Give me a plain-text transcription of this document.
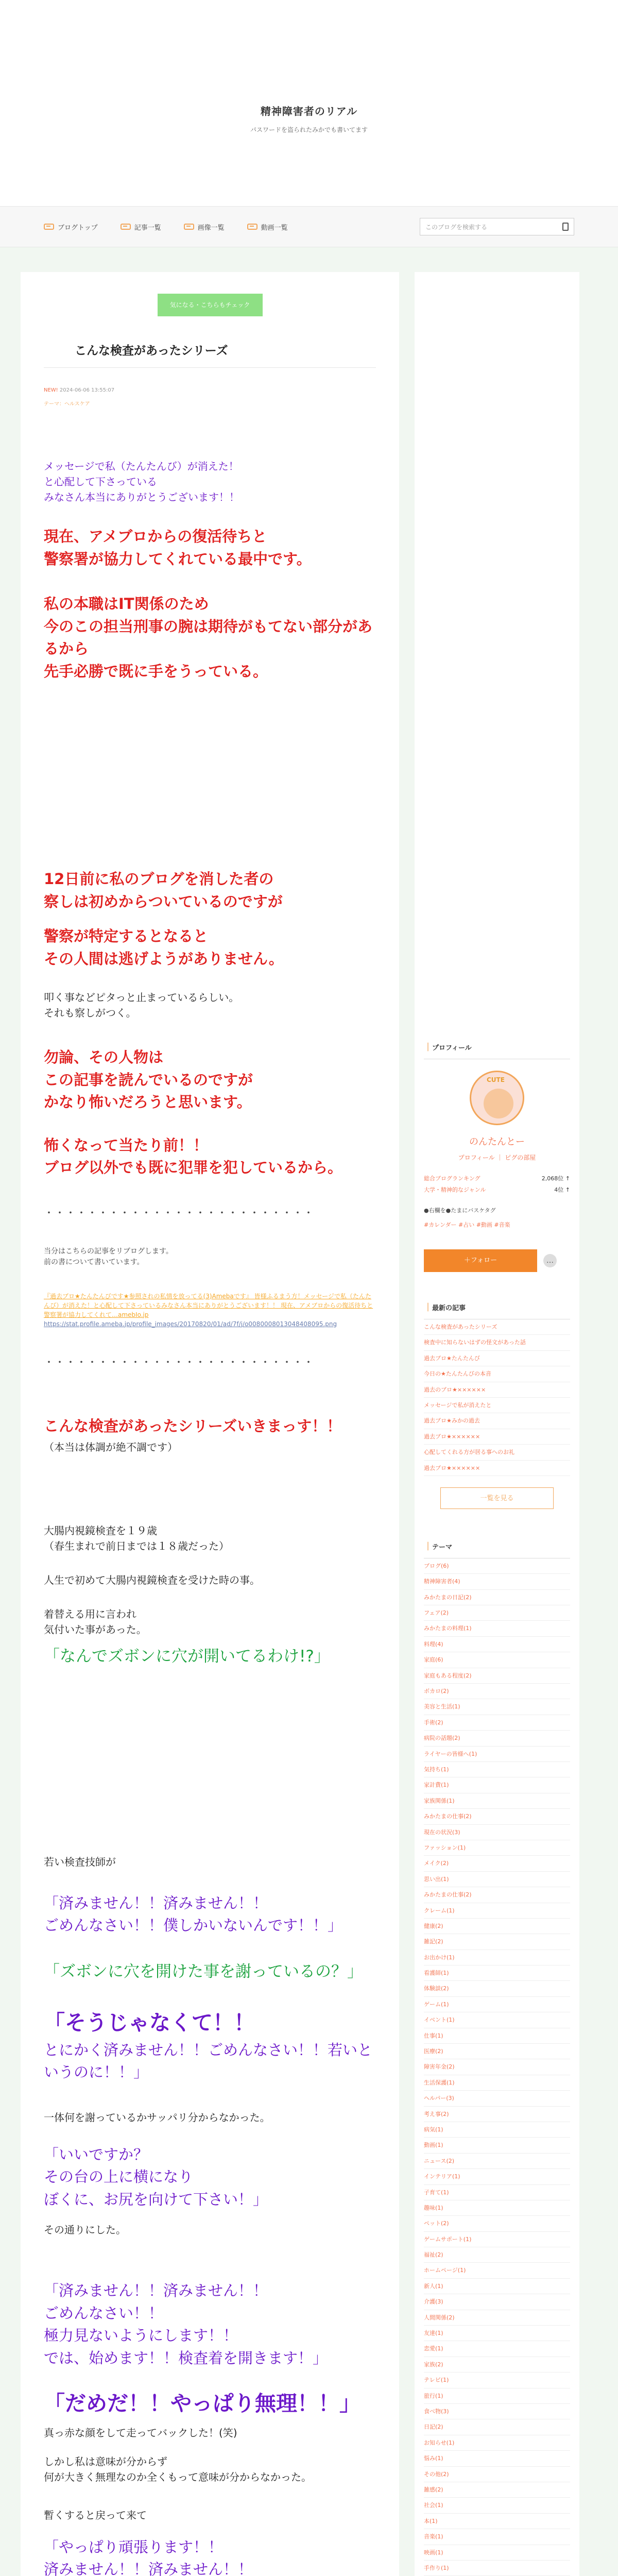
精神障害者のリアル

パスワードを盗られたみかでも書いてます

ブログトップ	記事一覧	画像一覧	動画一覧	このブログを検索する
気になる・こちらもチェック
こんな検査があったシリーズ
NEW! 2024-06-06 13:55:07
テーマ：ヘルスケア

メッセージで私（たんたんび）が消えた！

と心配して下さっている

みなさん本当にありがとうございます！！

現在、アメブロからの復活待ちと

警察署が協力してくれている最中です。

私の本職はIT関係のため

今のこの担当刑事の腕は期待がもてない部分があるから

先手必勝で既に手をうっている。

12日前に私のブログを消した者の

察しは初めからついているのですが

警察が特定するとなると

その人間は逃げようがありません。

叩く事などピタっと止まっているらしい。

それも察しがつく。

勿論、その人物は

この記事を読んでいるのですが

かなり怖いだろうと思います。

怖くなって当たり前！！

ブログ以外でも既に犯罪を犯しているから。

・・・・・・・・・・・・・・・・・・・・・・・・・

当分はこちらの記事をリブログします。

前の書について書いています。

『過去ブロ★たんたんびです★参照されの私情を放ってる(3)Amebaです』 皆様ふるまう方！メッセージで私（たんたんび）が消えた！と心配して下さっているみなさん本当にありがとうございます！！ 現在、アメブロからの復活待ちと警察署が協力してくれて…amebIo.jp

https://stat.profile.ameba.jp/profile_images/20170820/01/ad/7f/j/o0080008013048408095.png

・・・・・・・・・・・・・・・・・・・・・・・・・

こんな検査があったシリーズいきまっす！！

（本当は体調が絶不調です）

大腸内視鏡検査を１９歳

（春生まれで前日までは１８歳だった）

人生で初めて大腸内視鏡検査を受けた時の事。

着替える用に言われ

気付いた事があった。

「なんでズボンに穴が開いてるわけ!?」

若い検査技師が

「済みません！！済みません！！

ごめんなさい！！僕しかいないんです！！」

「ズボンに穴を開けた事を謝っているの？」

「そうじゃなくて！！

とにかく済みません！！ごめんなさい！！若いというのに！！」

一体何を謝っているかサッパリ分からなかった。

「いいですか？

その台の上に横になり

ぼくに、お尻を向けて下さい！」

その通りにした。

「済みません！！済みません！！

ごめんなさい！！

極力見ないようにします！！

では、始めます！！検査着を開きます！」

「だめだ！！やっぱり無理！！」

真っ赤な顔をして走ってバックした！(笑)

しかし私は意味が分からず

何が大きく無理なのか全くもって意味が分からなかった。

暫くすると戻って来て

「やっぱり頑張ります！！

済みません！！済みません！！

｜プロフィール
CUTE
のんたんとー
プロフィール ｜ ピグの部屋
総合ブログランキング	2,068位 ↑
大学・精神的なジャンル	4位 ↑
●右欄を●たまにバスケタグ
#カレンダー #占い #動画 #音楽
＋フォロー	…
｜最新の記事
こんな検査があったシリーズ
検査中に知らないはずの怪文があった話
過去ブロ★たんたんび
今日の★たんたんびの本音
過去のブロ★××××××
メッセージで私が消えたと
過去ブロ★みかの過去
過去ブロ★××××××
心配してくれる方が居る事へのお礼
過去ブロ★××××××
一覧を見る
｜テーマ
ブログ(6)
精神障害者(4)
みかたまの日記(2)
フェア(2)
みかたまの料理(1)
料理(4)
家庭(6)
家庭もある程度(2)
ボカロ(2)
美容と生活(1)
手術(2)
病院の話題(2)
ライヤーの皆様へ(1)
気持ち(1)
家計費(1)
家族関係(1)
みかたまの仕事(2)
現在の状況(3)
ファッション(1)
メイク(2)
思い出(1)
みかたまの仕事(2)
クレーム(1)
健康(2)
雑記(2)
お出かけ(1)
看護師(1)
体験談(2)
ゲーム(1)
イベント(1)
仕事(1)
医療(2)
障害年金(2)
生活保護(1)
ヘルパー(3)
考え事(2)
病気(1)
動画(1)
ニュース(2)
インテリア(1)
子育て(1)
趣味(1)
ペット(2)
ゲームサポート(1)
福祉(2)
ホームページ(1)
新人(1)
介護(3)
人間関係(2)
友達(1)
恋愛(1)
家族(2)
テレビ(1)
旅行(1)
食べ物(3)
日記(2)
お知らせ(1)
悩み(1)
その他(2)
雑感(2)
社会(1)
本(1)
音楽(1)
映画(1)
手作り(1)
